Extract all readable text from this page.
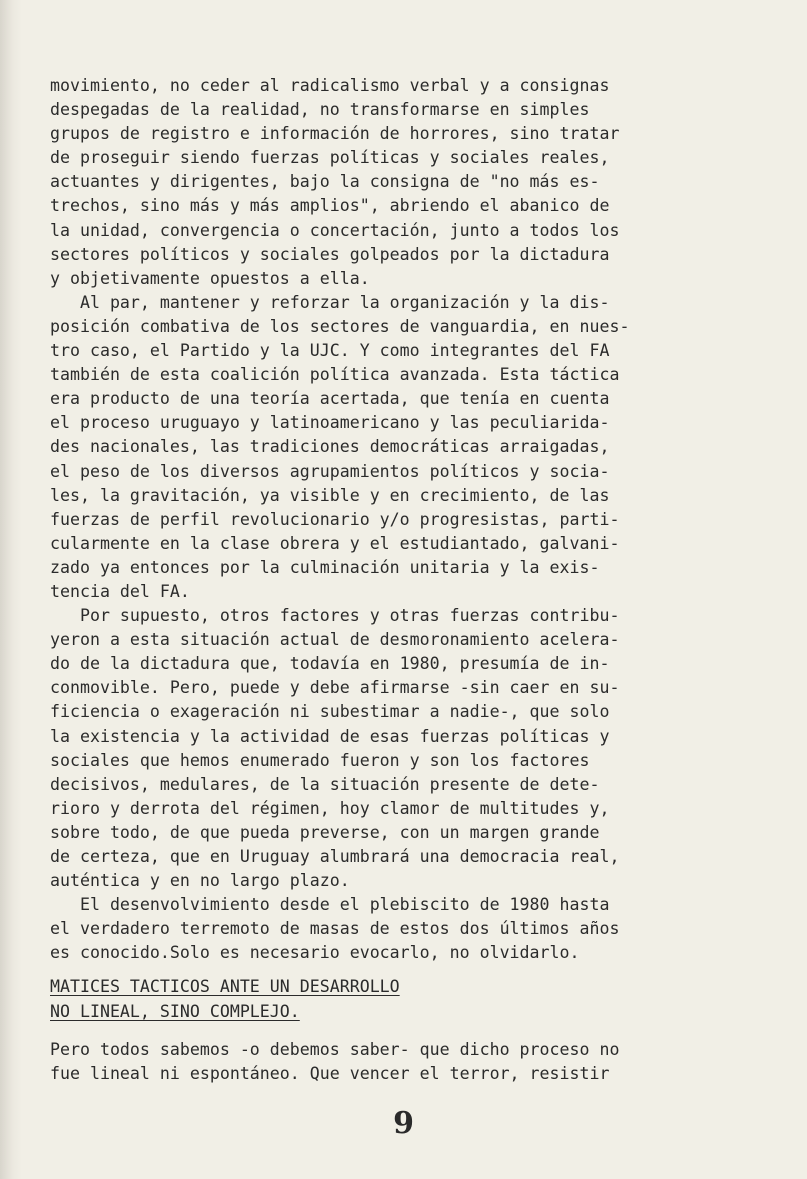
movimiento, no ceder al radicalismo verbal y a consignas
despegadas de la realidad, no transformarse en simples
grupos de registro e información de horrores, sino tratar
de proseguir siendo fuerzas políticas y sociales reales,
actuantes y dirigentes, bajo la consigna de "no más es-
trechos, sino más y más amplios", abriendo el abanico de
la unidad, convergencia o concertación, junto a todos los
sectores políticos y sociales golpeados por la dictadura
y objetivamente opuestos a ella.
Al par, mantener y reforzar la organización y la dis-
posición combativa de los sectores de vanguardia, en nues-
tro caso, el Partido y la UJC. Y como integrantes del FA
también de esta coalición política avanzada. Esta táctica
era producto de una teoría acertada, que tenía en cuenta
el proceso uruguayo y latinoamericano y las peculiarida-
des nacionales, las tradiciones democráticas arraigadas,
el peso de los diversos agrupamientos políticos y socia-
les, la gravitación, ya visible y en crecimiento, de las
fuerzas de perfil revolucionario y/o progresistas, parti-
cularmente en la clase obrera y el estudiantado, galvani-
zado ya entonces por la culminación unitaria y la exis-
tencia del FA.
Por supuesto, otros factores y otras fuerzas contribu-
yeron a esta situación actual de desmoronamiento acelera-
do de la dictadura que, todavía en 1980, presumía de in-
conmovible. Pero, puede y debe afirmarse -sin caer en su-
ficiencia o exageración ni subestimar a nadie-, que solo
la existencia y la actividad de esas fuerzas políticas y
sociales que hemos enumerado fueron y son los factores
decisivos, medulares, de la situación presente de dete-
rioro y derrota del régimen, hoy clamor de multitudes y,
sobre todo, de que pueda preverse, con un margen grande
de certeza, que en Uruguay alumbrará una democracia real,
auténtica y en no largo plazo.
El desenvolvimiento desde el plebiscito de 1980 hasta
el verdadero terremoto de masas de estos dos últimos años
es conocido.Solo es necesario evocarlo, no olvidarlo.
MATICES TACTICOS ANTE UN DESARROLLO
NO LINEAL, SINO COMPLEJO.
Pero todos sabemos -o debemos saber- que dicho proceso no
fue lineal ni espontáneo. Que vencer el terror, resistir
9
